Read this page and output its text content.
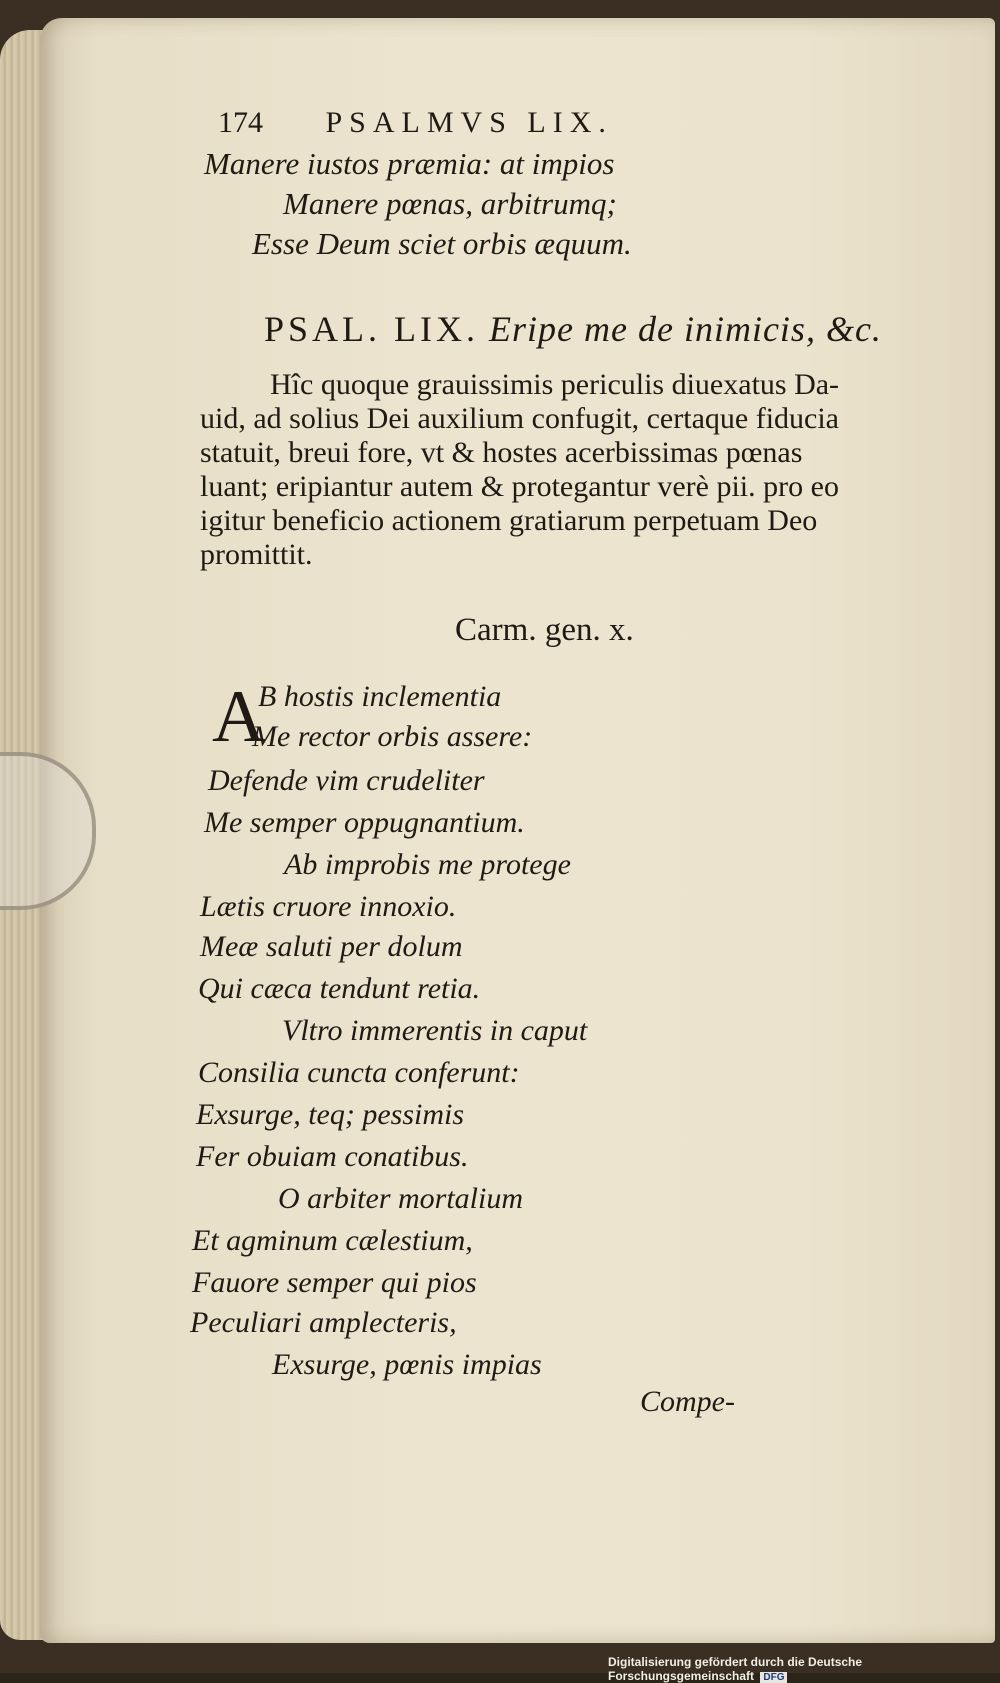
174 PSALMVS LIX.
Manere iustos præmia: at impios
Manere pœnas, arbitrumq;
Esse Deum sciet orbis æquum.
PSAL. LIX. Eripe me de inimicis, &c.
Hîc quoque grauissimis periculis diuexatus Da-
uid, ad solius Dei auxilium confugit, certaque fiducia
statuit, breui fore, vt & hostes acerbissimas pœnas
luant; eripiantur autem & protegantur verè pii. pro eo
igitur beneficio actionem gratiarum perpetuam Deo
promittit.
Carm. gen. x.
A
B hostis inclementia
Me rector orbis assere:
Defende vim crudeliter
Me semper oppugnantium.
Ab improbis me protege
Lætis cruore innoxio.
Meæ saluti per dolum
Qui cæca tendunt retia.
Vltro immerentis in caput
Consilia cuncta conferunt:
Exsurge, teq; pessimis
Fer obuiam conatibus.
O arbiter mortalium
Et agminum cælestium,
Fauore semper qui pios
Peculiari amplecteris,
Exsurge, pœnis impias
Compe-
Digitalisierung gefördert durch die Deutsche Forschungsgemeinschaft DFG
